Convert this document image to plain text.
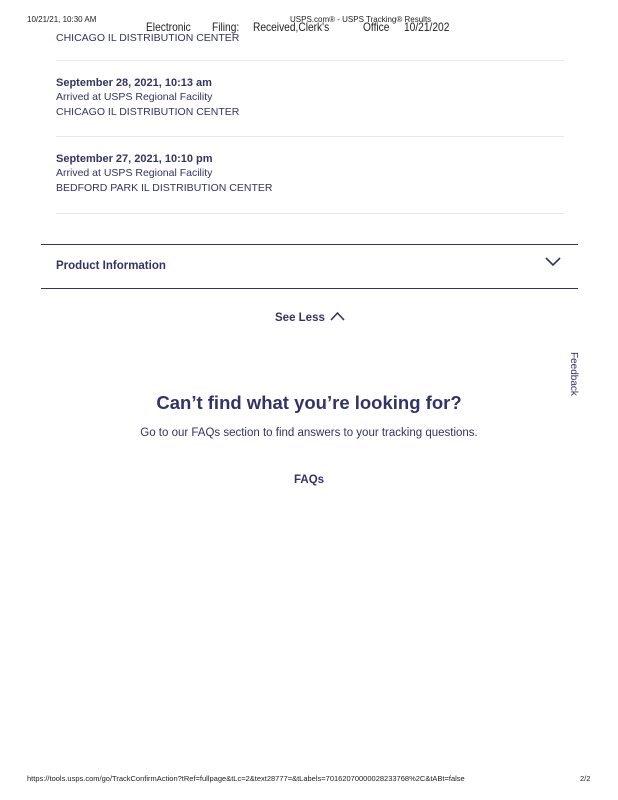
10/21/21, 10:30 AM	USPS.com® - USPS Tracking® Results
Electronic Filing: Received,Clerk's	Office 10/21/202
CHICAGO IL DISTRIBUTION CENTER
September 28, 2021, 10:13 am
Arrived at USPS Regional Facility
CHICAGO IL DISTRIBUTION CENTER
September 27, 2021, 10:10 pm
Arrived at USPS Regional Facility
BEDFORD PARK IL DISTRIBUTION CENTER
Product Information
See Less
Feedback
Can’t find what you’re looking for?
Go to our FAQs section to find answers to your tracking questions.
FAQs
https://tools.usps.com/go/TrackConfirmAction?tRef=fullpage&tLc=2&text28777=&tLabels=70162070000028233768%2C&tABt=false	2/2
